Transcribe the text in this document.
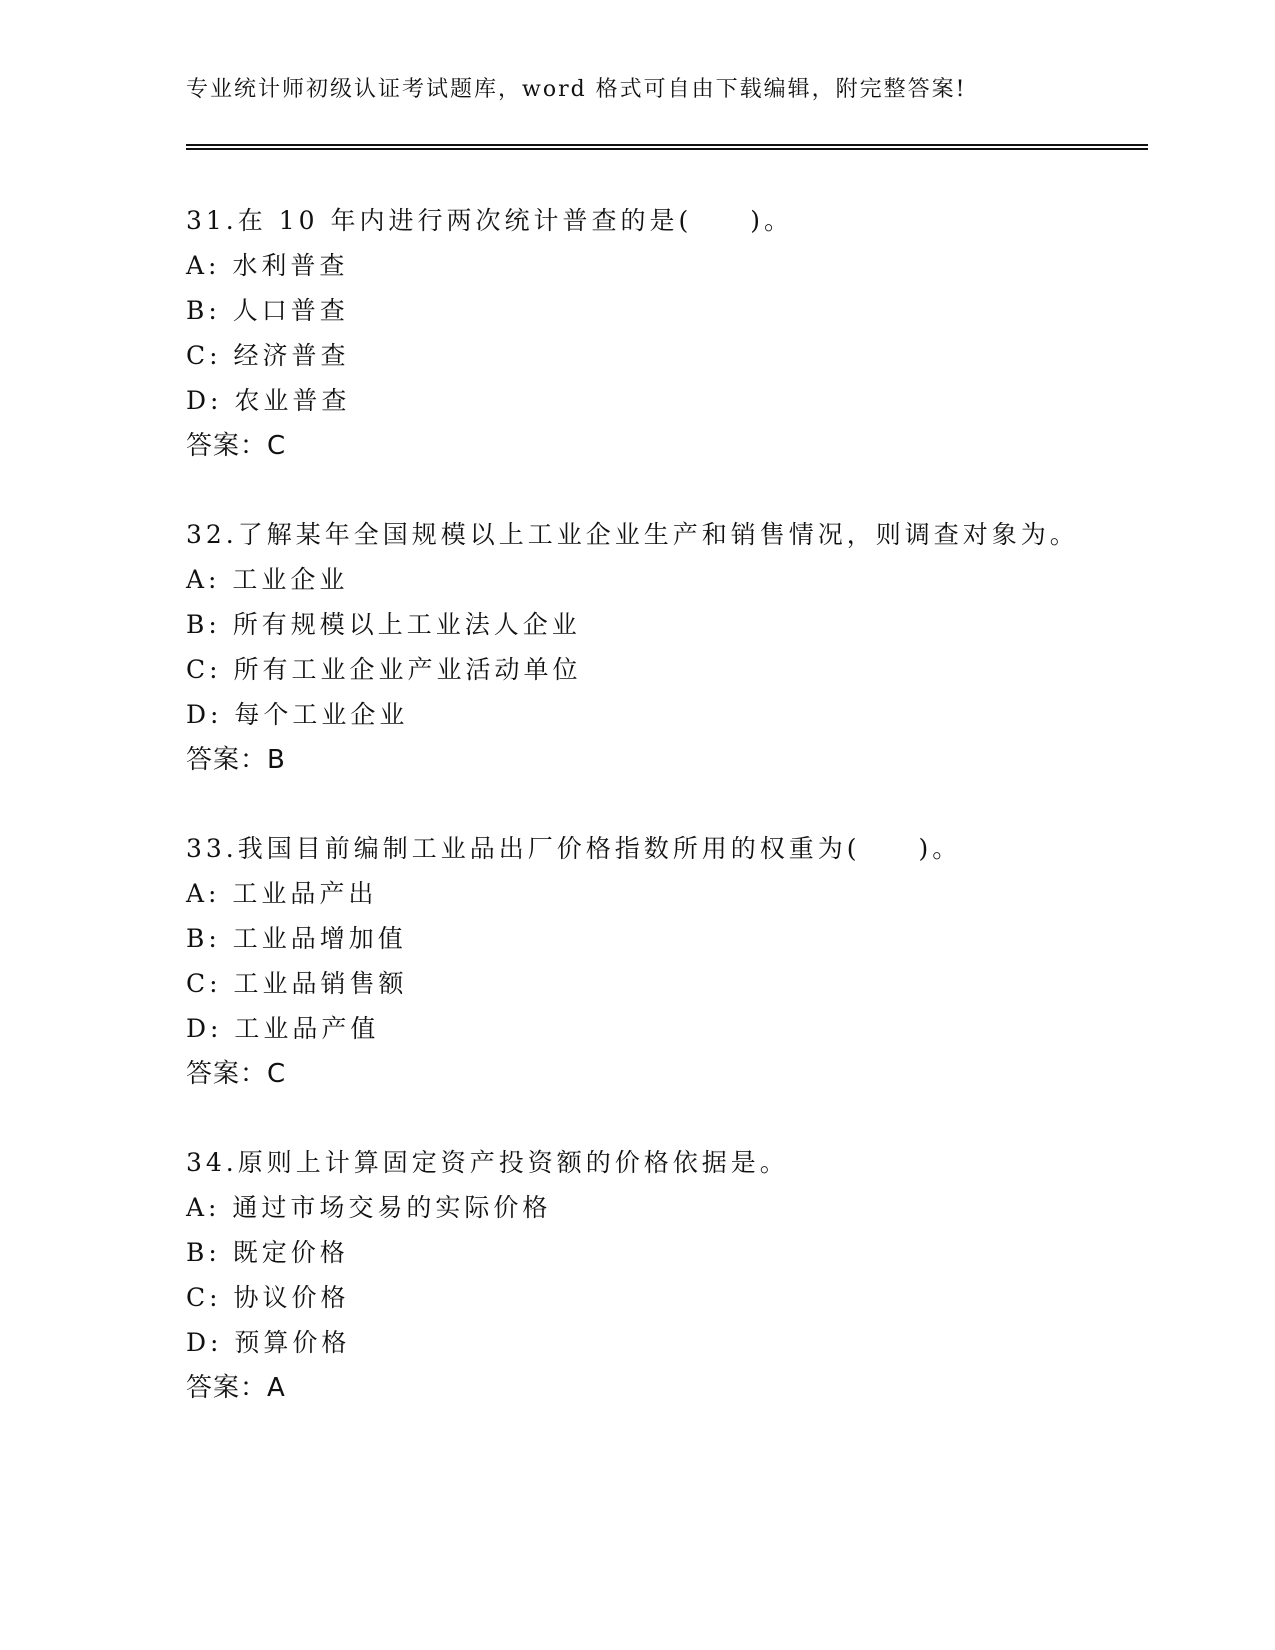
专业统计师初级认证考试题库，word 格式可自由下载编辑，附完整答案!
31.在 10 年内进行两次统计普查的是(　　)。
A: 水利普查
B: 人口普查
C: 经济普查
D: 农业普查
答案：C
32.了解某年全国规模以上工业企业生产和销售情况，则调查对象为。
A: 工业企业
B: 所有规模以上工业法人企业
C: 所有工业企业产业活动单位
D: 每个工业企业
答案：B
33.我国目前编制工业品出厂价格指数所用的权重为(　　)。
A: 工业品产出
B: 工业品增加值
C: 工业品销售额
D: 工业品产值
答案：C
34.原则上计算固定资产投资额的价格依据是。
A: 通过市场交易的实际价格
B: 既定价格
C: 协议价格
D: 预算价格
答案：A
